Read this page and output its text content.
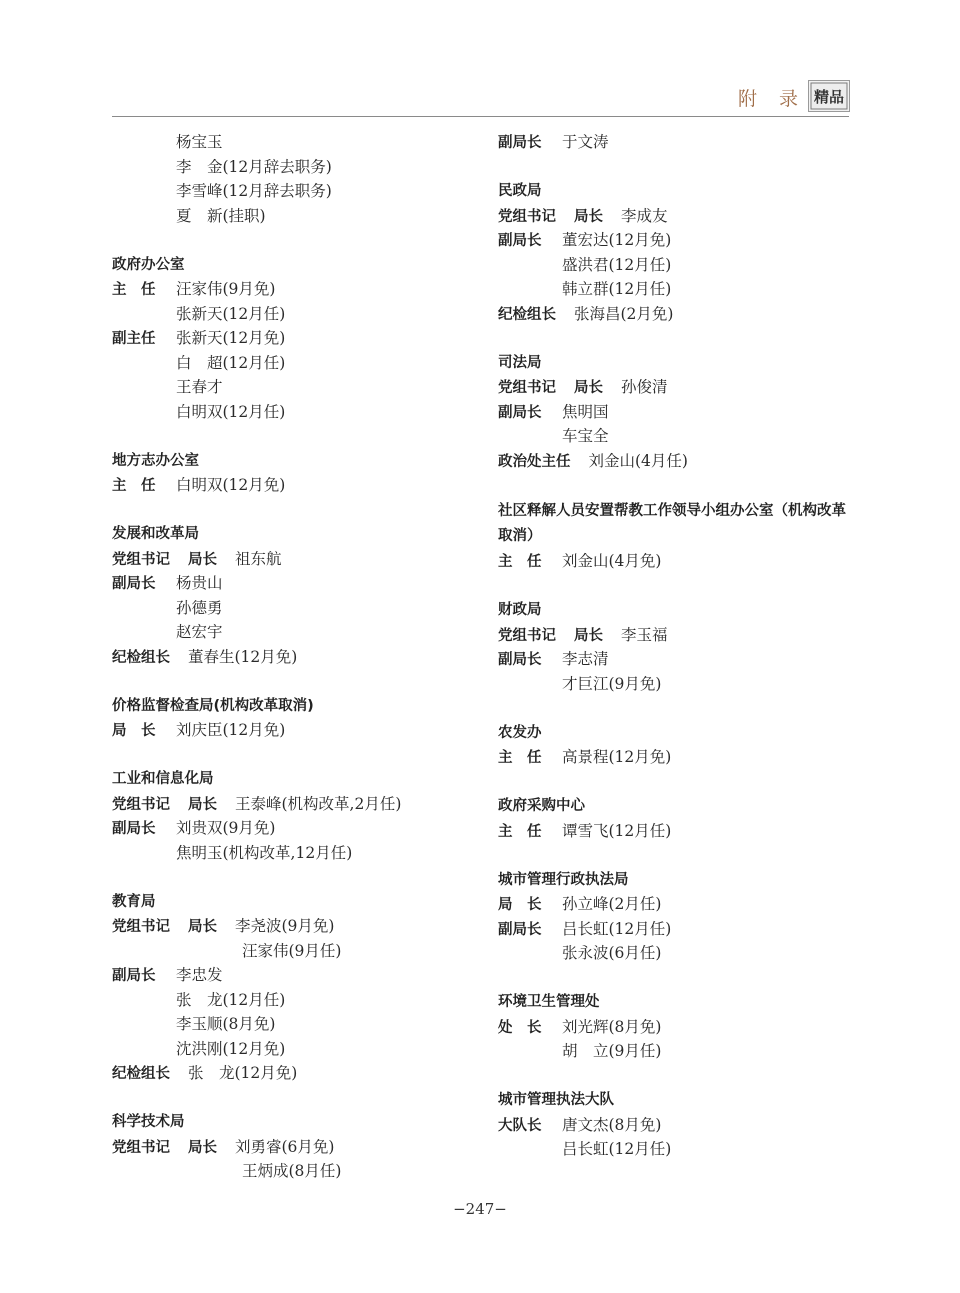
附 录 精品
杨宝玉
李　金(12月辞去职务)
李雪峰(12月辞去职务)
夏　新(挂职)
政府办公室
主　任 汪家伟(9月免)
张新天(12月任)
副主任 张新天(12月免)
白　超(12月任)
王春才
白明双(12月任)
地方志办公室
主　任 白明双(12月免)
发展和改革局
党组书记 局长 祖东航
副局长 杨贵山
孙德勇
赵宏宇
纪检组长 董春生(12月免)
价格监督检查局(机构改革取消)
局　长 刘庆臣(12月免)
工业和信息化局
党组书记 局长 王泰峰(机构改革,2月任)
副局长 刘贵双(9月免)
焦明玉(机构改革,12月任)
教育局
党组书记 局长 李尧波(9月免)
汪家伟(9月任)
副局长 李忠发
张　龙(12月任)
李玉顺(8月免)
沈洪刚(12月免)
纪检组长 张　龙(12月免)
科学技术局
党组书记 局长 刘勇睿(6月免)
王炳成(8月任)
副局长 于文涛
民政局
党组书记 局长 李成友
副局长 董宏达(12月免)
盛洪君(12月任)
韩立群(12月任)
纪检组长 张海昌(2月免)
司法局
党组书记 局长 孙俊清
副局长 焦明国
车宝全
政治处主任 刘金山(4月任)
社区释解人员安置帮教工作领导小组办公室（机构改革取消）
主　任 刘金山(4月免)
财政局
党组书记 局长 李玉福
副局长 李志清
才巨江(9月免)
农发办
主　任 高景程(12月免)
政府采购中心
主　任 谭雪飞(12月任)
城市管理行政执法局
局　长 孙立峰(2月任)
副局长 吕长虹(12月任)
张永波(6月任)
环境卫生管理处
处　长 刘光辉(8月免)
胡　立(9月任)
城市管理执法大队
大队长 唐文杰(8月免)
吕长虹(12月任)
−247−
